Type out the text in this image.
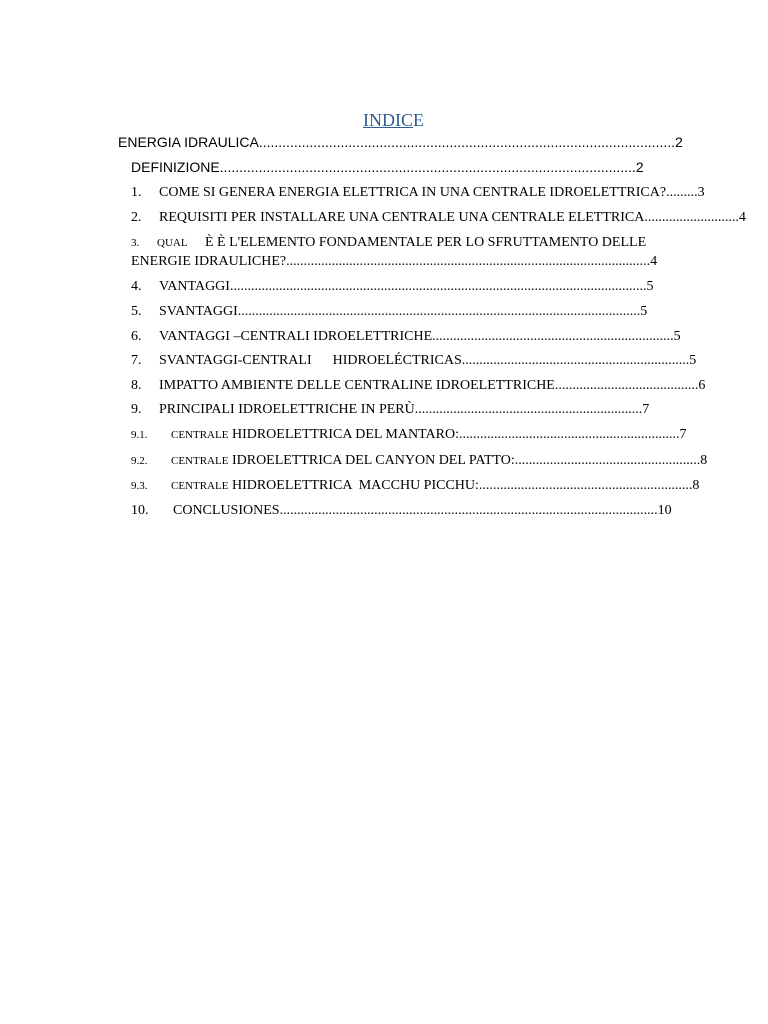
INDICE
ENERGIA IDRAULICA...........................................................................................................2
DEFINIZIONE...........................................................................................................2
1. COME SI GENERA ENERGIA ELETTRICA IN UNA CENTRALE IDROELETTRICA?.........3
2. REQUISITI PER INSTALLARE UNA CENTRALE UNA CENTRALE ELETTRICA...........................4
3. QUAL È È L'ELEMENTO FONDAMENTALE PER LO SFRUTTAMENTO DELLE
ENERGIE IDRAULICHE?........................................................................................................4
4. VANTAGGI.......................................................................................................................5
5. SVANTAGGI...................................................................................................................5
6. VANTAGGI –CENTRALI IDROELETTRICHE.....................................................................5
7. SVANTAGGI-CENTRALI HIDROELÉCTRICAS.................................................................5
8. IMPATTO AMBIENTE DELLE CENTRALINE IDROELETTRICHE.........................................6
9. PRINCIPALI IDROELETTRICHE IN PERÙ.................................................................7
9.1. CENTRALE HIDROELETTRICA DEL MANTARO:...............................................................7
9.2. CENTRALE IDROELETTRICA DEL CANYON DEL PATTO:.....................................................8
9.3. CENTRALE HIDROELETTRICA  MACCHU PICCHU:.............................................................8
10. CONCLUSIONES............................................................................................................10
